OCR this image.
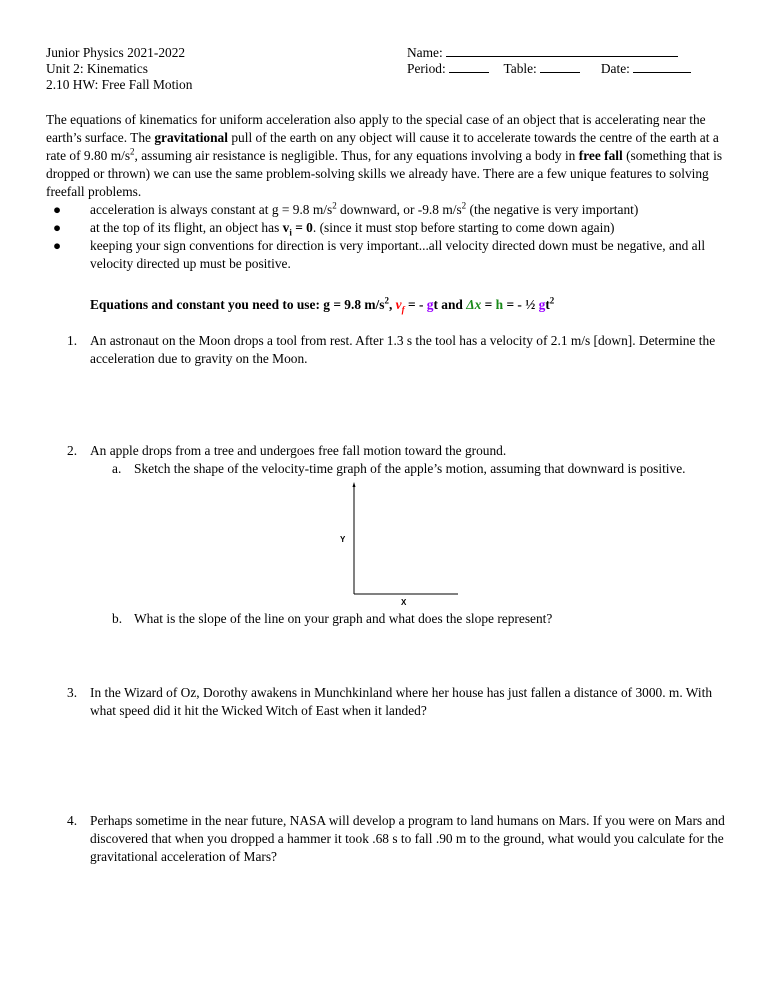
Junior Physics 2021-2022
Unit 2: Kinematics
2.10 HW: Free Fall Motion
Name:
Period:	Table:	Date:

The equations of kinematics for uniform acceleration also apply to the special case of an object that is accelerating near the earth’s surface. The gravitational pull of the earth on any object will cause it to accelerate towards the centre of the earth at a rate of 9.80 $m/s^2$, assuming air resistance is negligible. Thus, for any equations involving a body in free fall (something that is dropped or thrown) we can use the same problem-solving skills we already have. There are a few unique features to solving freefall problems.

● acceleration is always constant at g = 9.8 $m/s^2$ downward, or -9.8 $m/s^2$ (the negative is very important)
● at the top of its flight, an object has $v_i = 0$. (since it must stop before starting to come down again)
● keeping your sign conventions for direction is very important...all velocity directed down must be negative, and all velocity directed up must be positive.
Equations and constant you need to use: g = 9.8 $m/s^2$, $v_f$ = - gt and Δx = h = - ½ $gt^2$
1. An astronaut on the Moon drops a tool from rest. After 1.3 s the tool has a velocity of 2.1 m/s [down]. Determine the acceleration due to gravity on the Moon.
2. An apple drops from a tree and undergoes free fall motion toward the ground.
a. Sketch the shape of the velocity-time graph of the apple’s motion, assuming that downward is positive.
Y
X
b. What is the slope of the line on your graph and what does the slope represent?
3. In the Wizard of Oz, Dorothy awakens in Munchkinland where her house has just fallen a distance of 3000. m. With what speed did it hit the Wicked Witch of East when it landed?
4. Perhaps sometime in the near future, NASA will develop a program to land humans on Mars. If you were on Mars and discovered that when you dropped a hammer it took .68 s to fall .90 m to the ground, what would you calculate for the gravitational acceleration of Mars?
